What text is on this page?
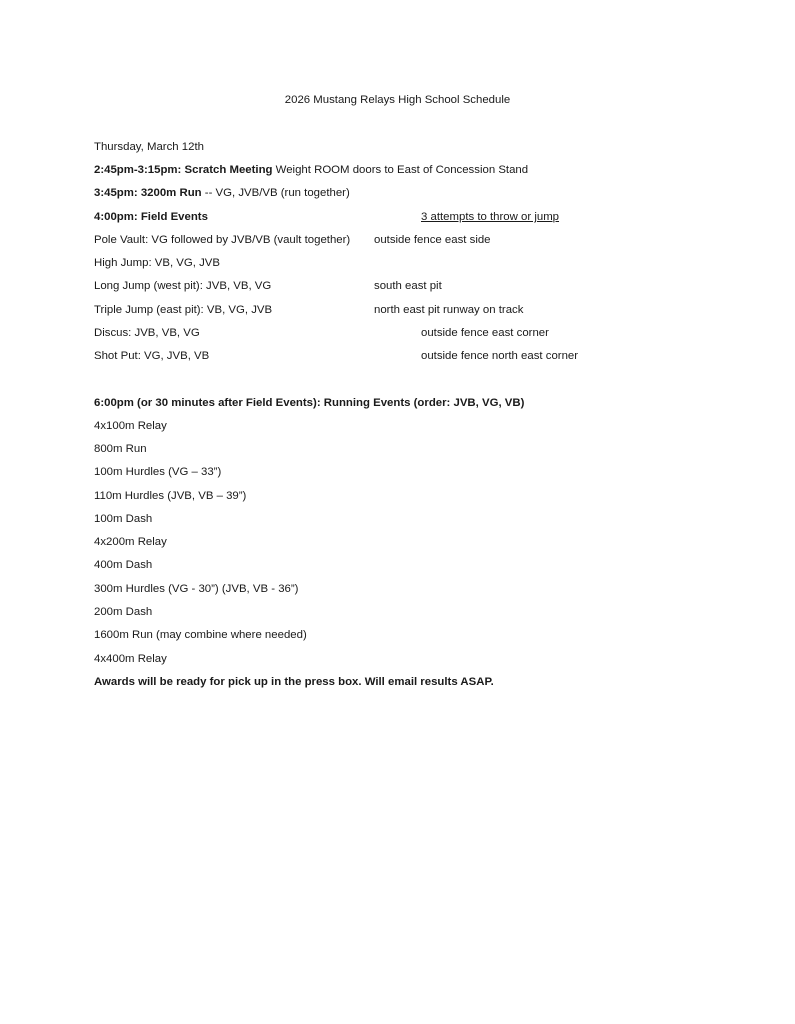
2026 Mustang Relays High School Schedule
Thursday, March 12th
2:45pm-3:15pm: Scratch Meeting Weight ROOM doors to East of Concession Stand
3:45pm: 3200m Run -- VG, JVB/VB (run together)
4:00pm: Field Events	3 attempts to throw or jump
Pole Vault: VG followed by JVB/VB (vault together) outside fence east side
High Jump: VB, VG, JVB
Long Jump (west pit): JVB, VB, VG	south east pit
Triple Jump (east pit): VB, VG, JVB	north east pit runway on track
Discus: JVB, VB, VG	outside fence east corner
Shot Put: VG, JVB, VB	outside fence north east corner
6:00pm (or 30 minutes after Field Events): Running Events (order: JVB, VG, VB)
4x100m Relay
800m Run
100m Hurdles (VG – 33”)
110m Hurdles (JVB, VB – 39”)
100m Dash
4x200m Relay
400m Dash
300m Hurdles (VG - 30”) (JVB, VB - 36”)
200m Dash
1600m Run (may combine where needed)
4x400m Relay
Awards will be ready for pick up in the press box. Will email results ASAP.
